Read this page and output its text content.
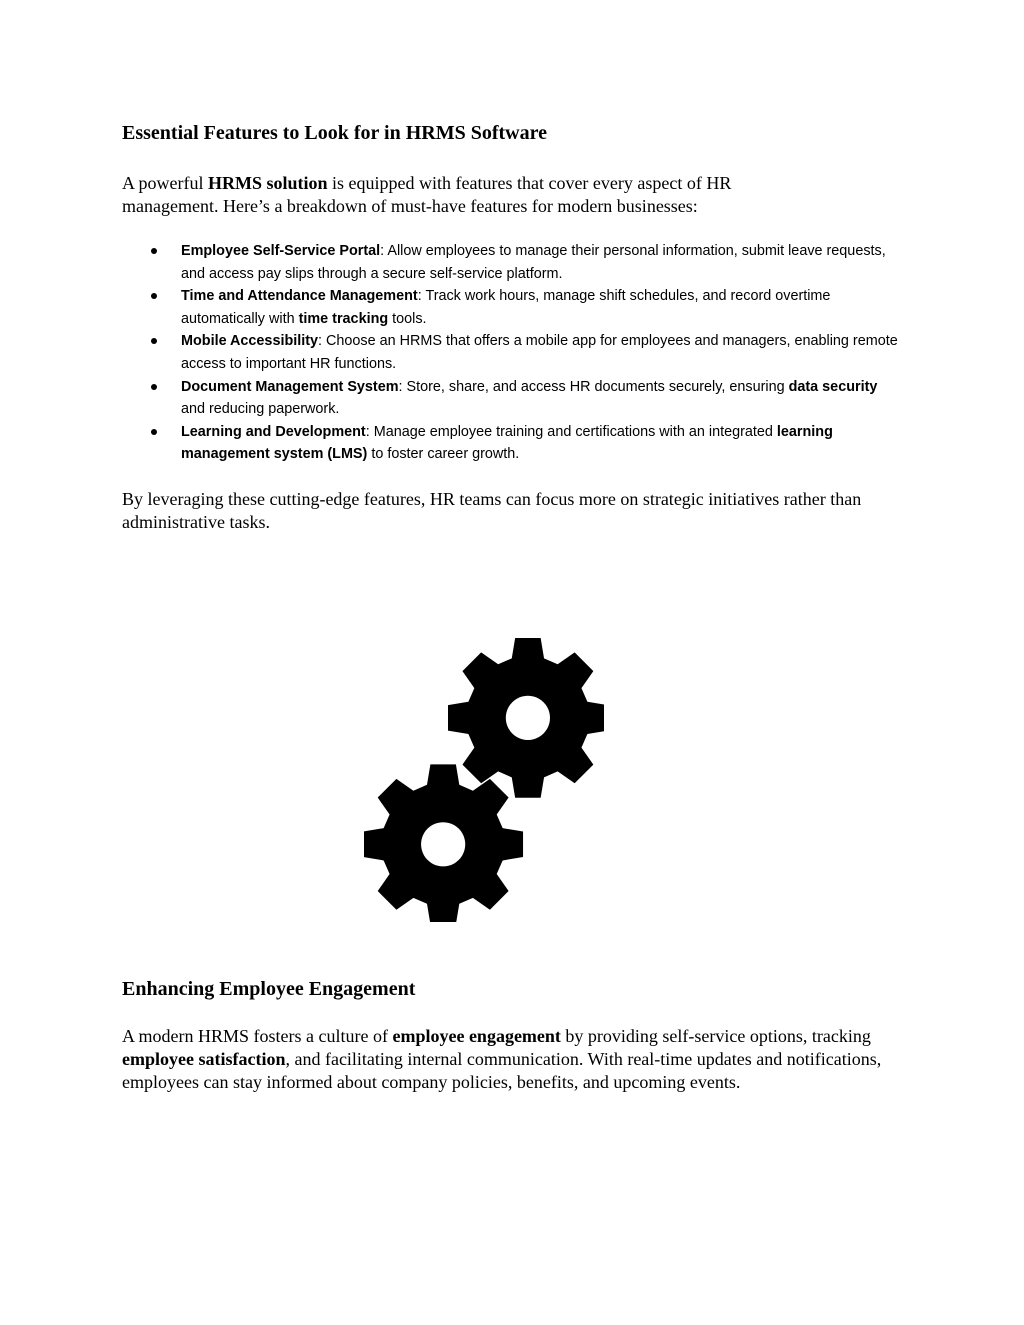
Essential Features to Look for in HRMS Software

A powerful HRMS solution is equipped with features that cover every aspect of HR management. Here’s a breakdown of must-have features for modern businesses:

Employee Self-Service Portal: Allow employees to manage their personal information, submit leave requests, and access pay slips through a secure self-service platform.
Time and Attendance Management: Track work hours, manage shift schedules, and record overtime automatically with time tracking tools.
Mobile Accessibility: Choose an HRMS that offers a mobile app for employees and managers, enabling remote access to important HR functions.
Document Management System: Store, share, and access HR documents securely, ensuring data security and reducing paperwork.
Learning and Development: Manage employee training and certifications with an integrated learning management system (LMS) to foster career growth.

By leveraging these cutting-edge features, HR teams can focus more on strategic initiatives rather than administrative tasks.

Enhancing Employee Engagement

A modern HRMS fosters a culture of employee engagement by providing self-service options, tracking employee satisfaction, and facilitating internal communication. With real-time updates and notifications, employees can stay informed about company policies, benefits, and upcoming events.
